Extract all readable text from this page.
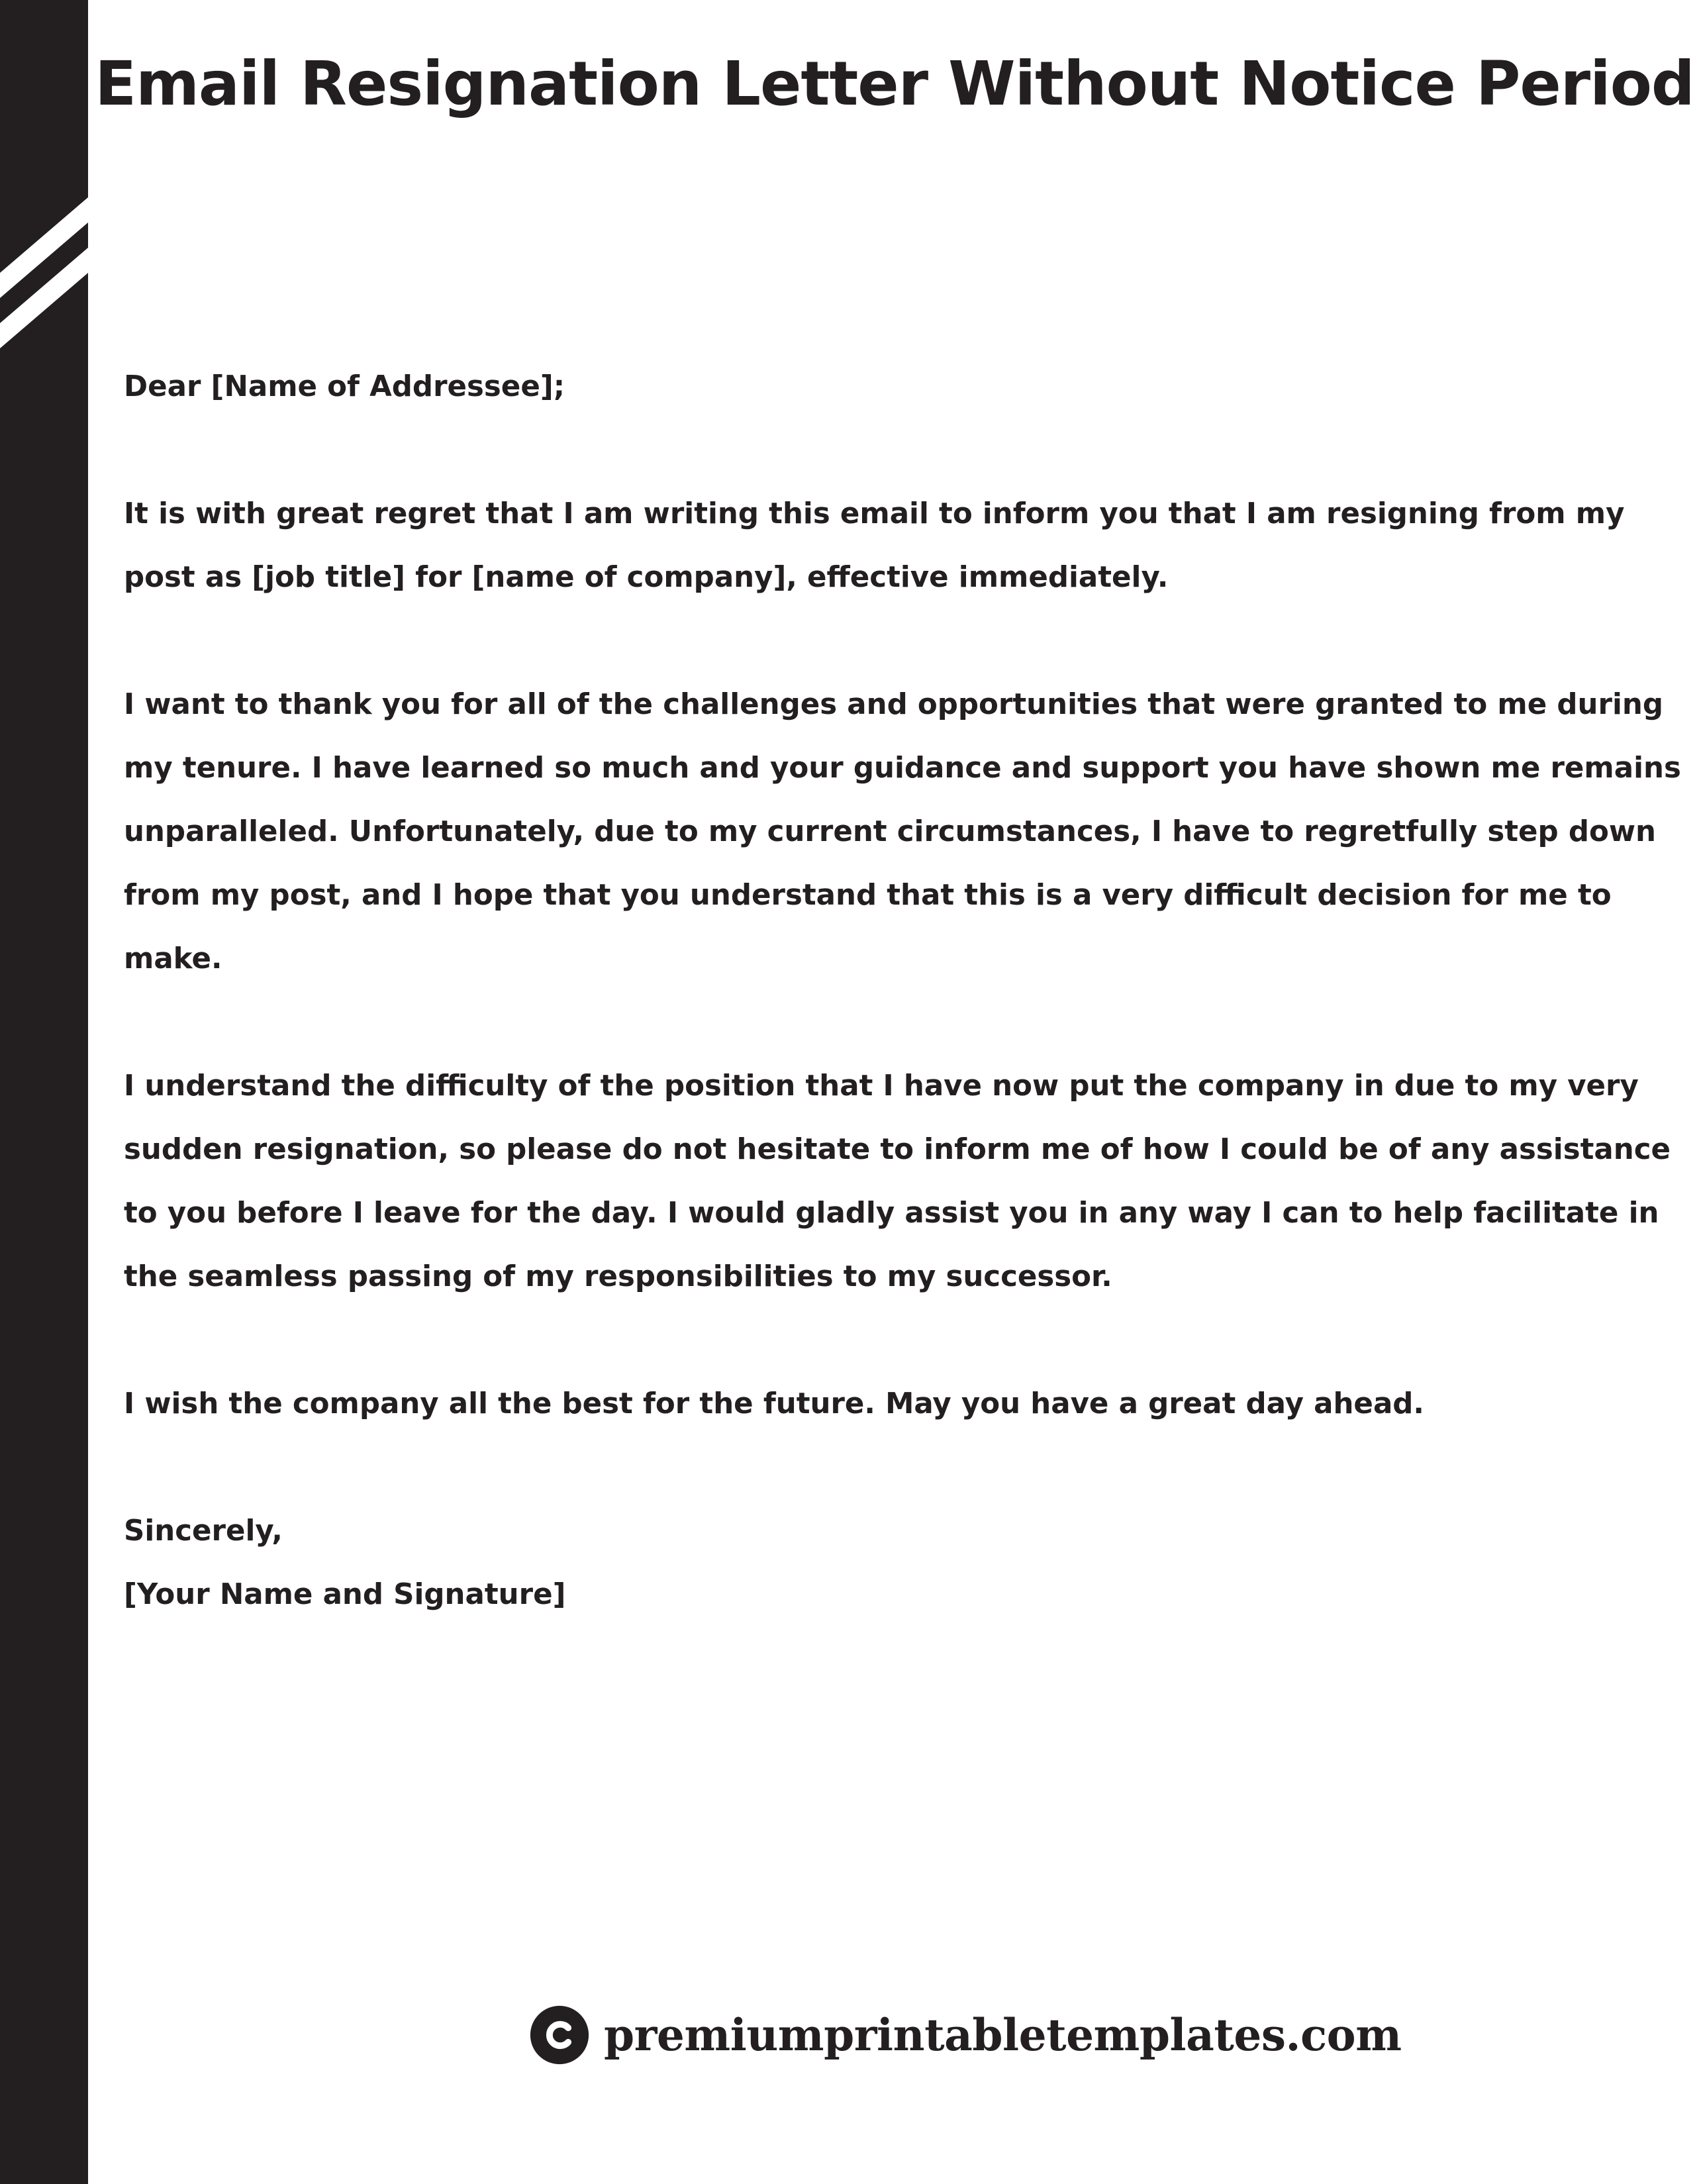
Email Resignation Letter Without Notice Period

Dear [Name of Addressee];

It is with great regret that I am writing this email to inform you that I am resigning from my post as [job title] for [name of company], effective immediately.

I want to thank you for all of the challenges and opportunities that were granted to me during my tenure. I have learned so much and your guidance and support you have shown me remains unparalleled. Unfortunately, due to my current circumstances, I have to regretfully step down from my post, and I hope that you understand that this is a very difficult decision for me to make.

I understand the difficulty of the position that I have now put the company in due to my very sudden resignation, so please do not hesitate to inform me of how I could be of any assistance to you before I leave for the day. I would gladly assist you in any way I can to help facilitate in the seamless passing of my responsibilities to my successor.

I wish the company all the best for the future. May you have a great day ahead.

Sincerely,

[Your Name and Signature]

premiumprintabletemplates.com
